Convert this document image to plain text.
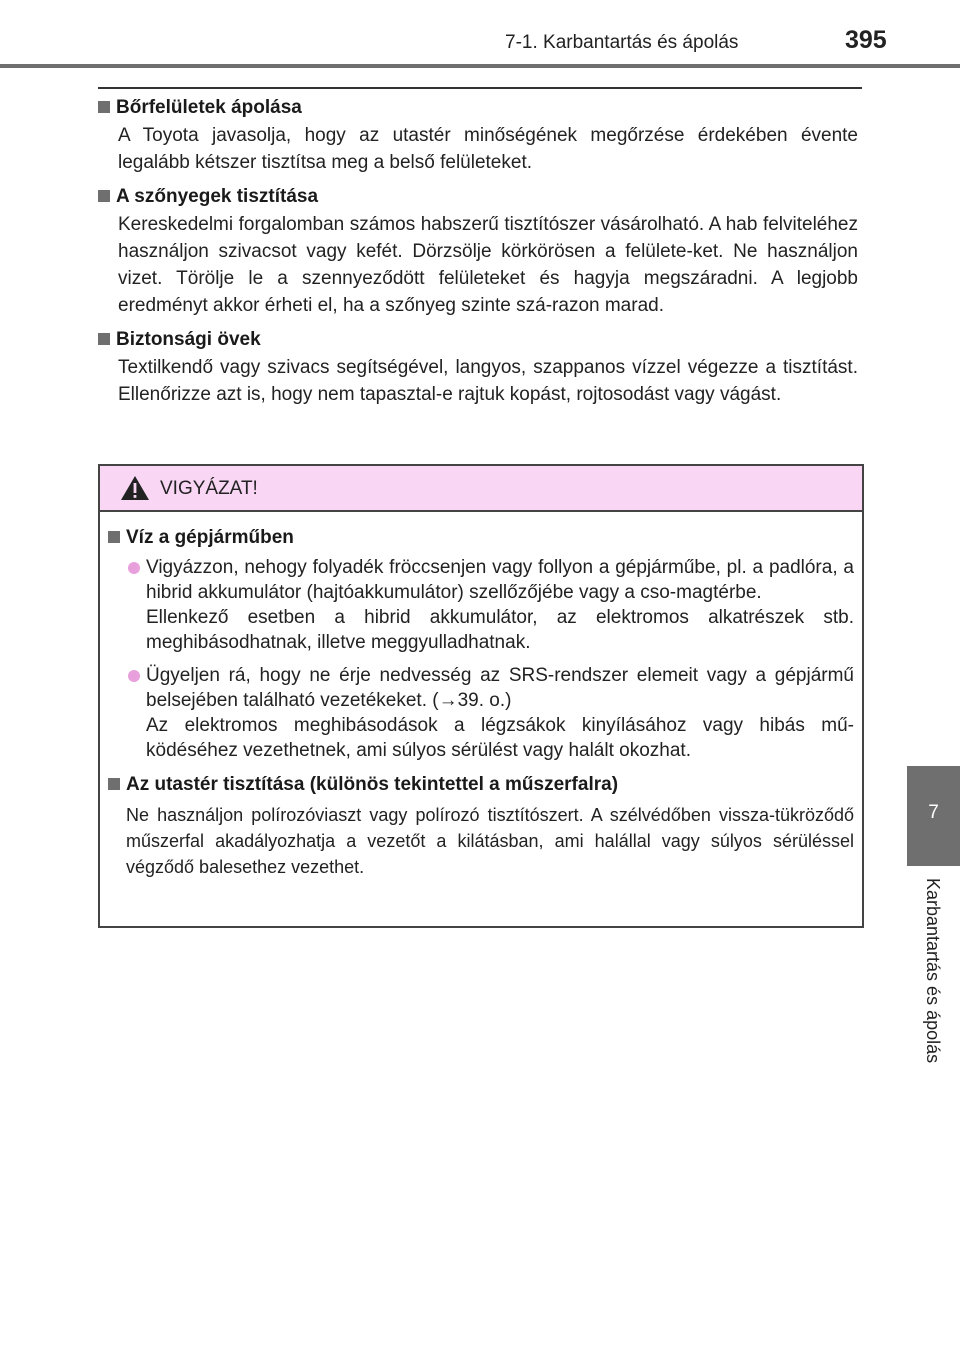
7-1. Karbantartás és ápolás	395
Bőrfelületek ápolása
A Toyota javasolja, hogy az utastér minőségének megőrzése érdekében évente legalább kétszer tisztítsa meg a belső felületeket.
A szőnyegek tisztítása
Kereskedelmi forgalomban számos habszerű tisztítószer vásárolható. A hab felviteléhez használjon szivacsot vagy kefét. Dörzsölje körkörösen a felülete-ket. Ne használjon vizet. Törölje le a szennyeződött felületeket és hagyja megszáradni. A legjobb eredményt akkor érheti el, ha a szőnyeg szinte szá-razon marad.
Biztonsági övek
Textilkendő vagy szivacs segítségével, langyos, szappanos vízzel végezze a tisztítást. Ellenőrizze azt is, hogy nem tapasztal-e rajtuk kopást, rojtosodást vagy vágást.
VIGYÁZAT!
Víz a gépjárműben
Vigyázzon, nehogy folyadék fröccsenjen vagy follyon a gépjárműbe, pl. a padlóra, a hibrid akkumulátor (hajtóakkumulátor) szellőzőjébe vagy a cso-magtérbe.
Ellenkező esetben a hibrid akkumulátor, az elektromos alkatrészek stb. meghibásodhatnak, illetve meggyulladhatnak.
Ügyeljen rá, hogy ne érje nedvesség az SRS-rendszer elemeit vagy a gépjármű belsejében található vezetékeket. (→39. o.)
Az elektromos meghibásodások a légzsákok kinyílásához vagy hibás mű-ködéséhez vezethetnek, ami súlyos sérülést vagy halált okozhat.
Az utastér tisztítása (különös tekintettel a műszerfalra)
Ne használjon polírozóviaszt vagy polírozó tisztítószert. A szélvédőben vissza-tükröződő műszerfal akadályozhatja a vezetőt a kilátásban, ami halállal vagy súlyos sérüléssel végződő balesethez vezethet.
7
Karbantartás és ápolás
